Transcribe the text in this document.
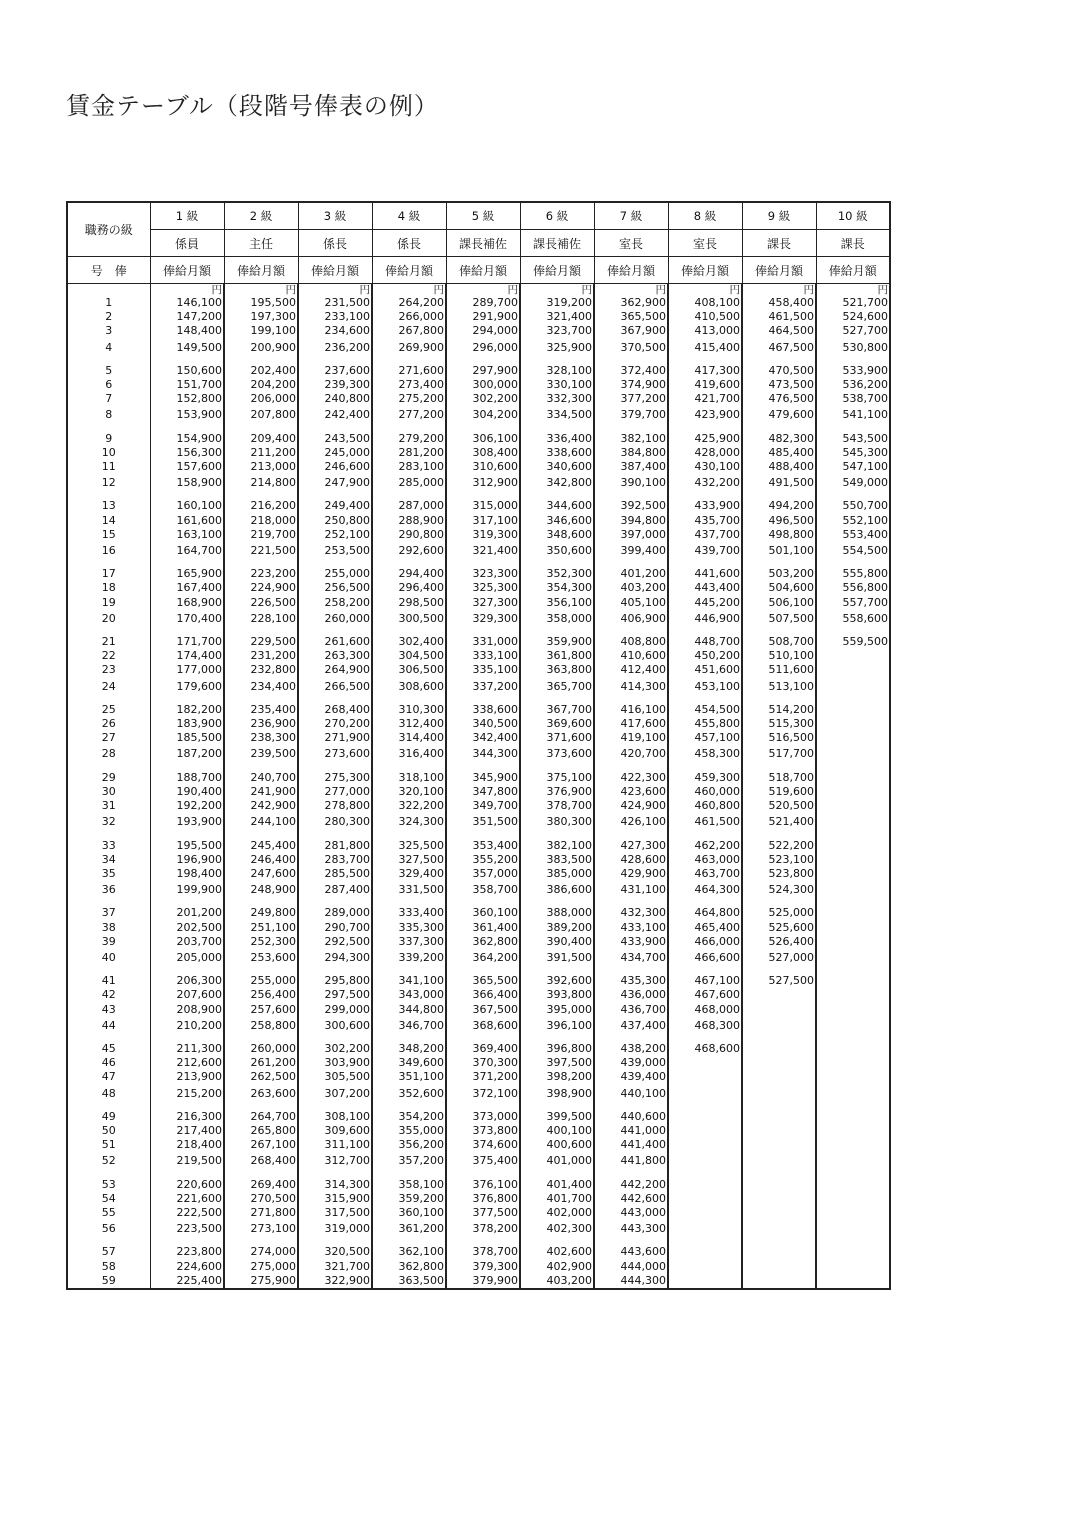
賃金テーブル（段階号俸表の例）
職務の級	1 級	2 級	3 級	4 級	5 級	6 級	7 級	8 級	9 級	10 級
	係員	主任	係長	係長	課長補佐	課長補佐	室長	室長	課長	課長
号　俸	俸給月額	俸給月額	俸給月額	俸給月額	俸給月額	俸給月額	俸給月額	俸給月額	俸給月額	俸給月額
	円	円	円	円	円	円	円	円	円	円
1	146,100	195,500	231,500	264,200	289,700	319,200	362,900	408,100	458,400	521,700
2	147,200	197,300	233,100	266,000	291,900	321,400	365,500	410,500	461,500	524,600
3	148,400	199,100	234,600	267,800	294,000	323,700	367,900	413,000	464,500	527,700
4	149,500	200,900	236,200	269,900	296,000	325,900	370,500	415,400	467,500	530,800

5	150,600	202,400	237,600	271,600	297,900	328,100	372,400	417,300	470,500	533,900
6	151,700	204,200	239,300	273,400	300,000	330,100	374,900	419,600	473,500	536,200
7	152,800	206,000	240,800	275,200	302,200	332,300	377,200	421,700	476,500	538,700
8	153,900	207,800	242,400	277,200	304,200	334,500	379,700	423,900	479,600	541,100

9	154,900	209,400	243,500	279,200	306,100	336,400	382,100	425,900	482,300	543,500
10	156,300	211,200	245,000	281,200	308,400	338,600	384,800	428,000	485,400	545,300
11	157,600	213,000	246,600	283,100	310,600	340,600	387,400	430,100	488,400	547,100
12	158,900	214,800	247,900	285,000	312,900	342,800	390,100	432,200	491,500	549,000

13	160,100	216,200	249,400	287,000	315,000	344,600	392,500	433,900	494,200	550,700
14	161,600	218,000	250,800	288,900	317,100	346,600	394,800	435,700	496,500	552,100
15	163,100	219,700	252,100	290,800	319,300	348,600	397,000	437,700	498,800	553,400
16	164,700	221,500	253,500	292,600	321,400	350,600	399,400	439,700	501,100	554,500

17	165,900	223,200	255,000	294,400	323,300	352,300	401,200	441,600	503,200	555,800
18	167,400	224,900	256,500	296,400	325,300	354,300	403,200	443,400	504,600	556,800
19	168,900	226,500	258,200	298,500	327,300	356,100	405,100	445,200	506,100	557,700
20	170,400	228,100	260,000	300,500	329,300	358,000	406,900	446,900	507,500	558,600

21	171,700	229,500	261,600	302,400	331,000	359,900	408,800	448,700	508,700	559,500
22	174,400	231,200	263,300	304,500	333,100	361,800	410,600	450,200	510,100	
23	177,000	232,800	264,900	306,500	335,100	363,800	412,400	451,600	511,600	
24	179,600	234,400	266,500	308,600	337,200	365,700	414,300	453,100	513,100	

25	182,200	235,400	268,400	310,300	338,600	367,700	416,100	454,500	514,200	
26	183,900	236,900	270,200	312,400	340,500	369,600	417,600	455,800	515,300	
27	185,500	238,300	271,900	314,400	342,400	371,600	419,100	457,100	516,500	
28	187,200	239,500	273,600	316,400	344,300	373,600	420,700	458,300	517,700	

29	188,700	240,700	275,300	318,100	345,900	375,100	422,300	459,300	518,700	
30	190,400	241,900	277,000	320,100	347,800	376,900	423,600	460,000	519,600	
31	192,200	242,900	278,800	322,200	349,700	378,700	424,900	460,800	520,500	
32	193,900	244,100	280,300	324,300	351,500	380,300	426,100	461,500	521,400	

33	195,500	245,400	281,800	325,500	353,400	382,100	427,300	462,200	522,200	
34	196,900	246,400	283,700	327,500	355,200	383,500	428,600	463,000	523,100	
35	198,400	247,600	285,500	329,400	357,000	385,000	429,900	463,700	523,800	
36	199,900	248,900	287,400	331,500	358,700	386,600	431,100	464,300	524,300	

37	201,200	249,800	289,000	333,400	360,100	388,000	432,300	464,800	525,000	
38	202,500	251,100	290,700	335,300	361,400	389,200	433,100	465,400	525,600	
39	203,700	252,300	292,500	337,300	362,800	390,400	433,900	466,000	526,400	
40	205,000	253,600	294,300	339,200	364,200	391,500	434,700	466,600	527,000	

41	206,300	255,000	295,800	341,100	365,500	392,600	435,300	467,100	527,500	
42	207,600	256,400	297,500	343,000	366,400	393,800	436,000	467,600		
43	208,900	257,600	299,000	344,800	367,500	395,000	436,700	468,000		
44	210,200	258,800	300,600	346,700	368,600	396,100	437,400	468,300		

45	211,300	260,000	302,200	348,200	369,400	396,800	438,200	468,600		
46	212,600	261,200	303,900	349,600	370,300	397,500	439,000			
47	213,900	262,500	305,500	351,100	371,200	398,200	439,400			
48	215,200	263,600	307,200	352,600	372,100	398,900	440,100			

49	216,300	264,700	308,100	354,200	373,000	399,500	440,600			
50	217,400	265,800	309,600	355,000	373,800	400,100	441,000			
51	218,400	267,100	311,100	356,200	374,600	400,600	441,400			
52	219,500	268,400	312,700	357,200	375,400	401,000	441,800			

53	220,600	269,400	314,300	358,100	376,100	401,400	442,200			
54	221,600	270,500	315,900	359,200	376,800	401,700	442,600			
55	222,500	271,800	317,500	360,100	377,500	402,000	443,000			
56	223,500	273,100	319,000	361,200	378,200	402,300	443,300			

57	223,800	274,000	320,500	362,100	378,700	402,600	443,600			
58	224,600	275,000	321,700	362,800	379,300	402,900	444,000			
59	225,400	275,900	322,900	363,500	379,900	403,200	444,300			
